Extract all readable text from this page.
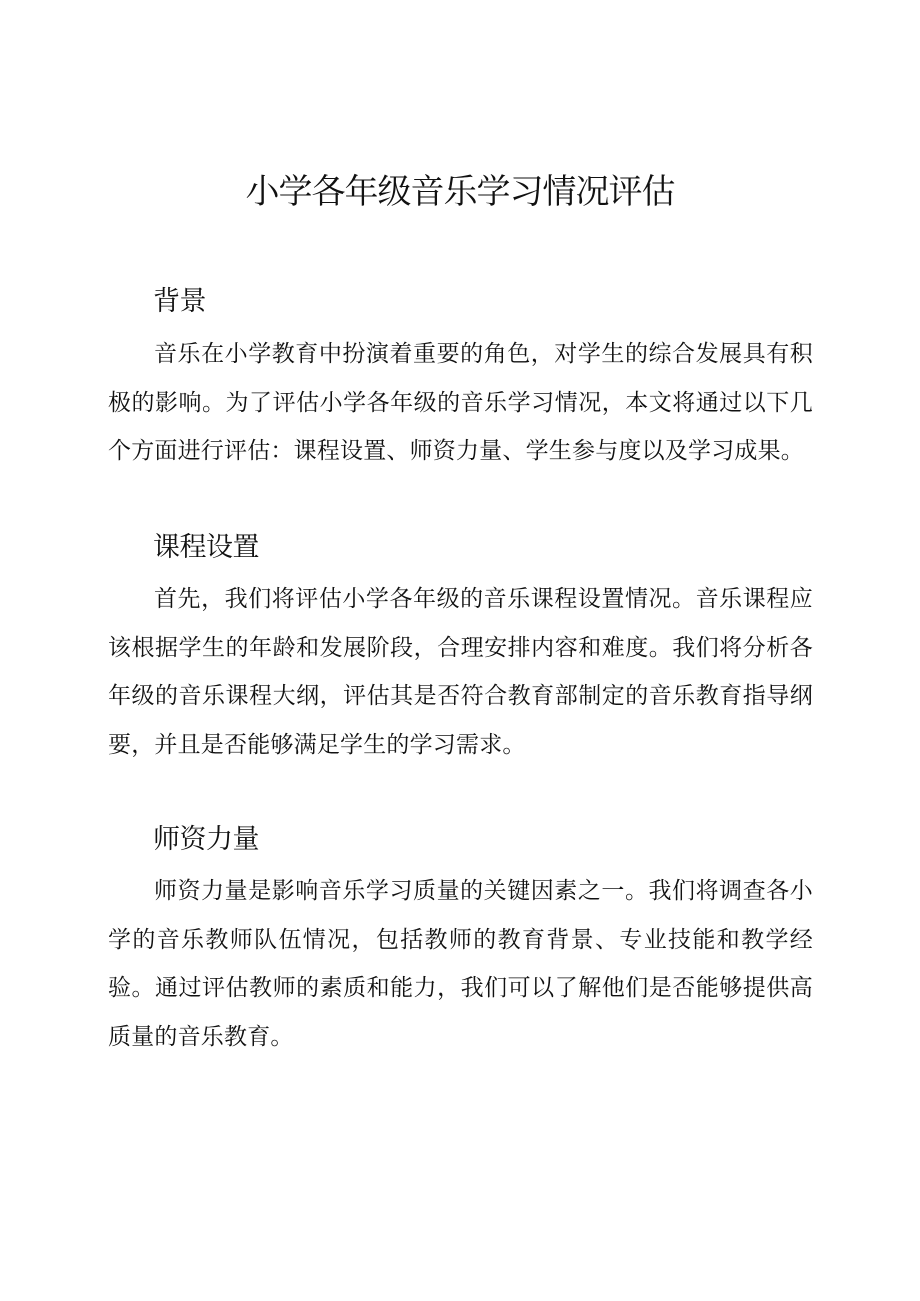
小学各年级音乐学习情况评估
背景

音乐在小学教育中扮演着重要的角色，对学生的综合发展具有积极的影响。为了评估小学各年级的音乐学习情况，本文将通过以下几个方面进行评估：课程设置、师资力量、学生参与度以及学习成果。

课程设置

首先，我们将评估小学各年级的音乐课程设置情况。音乐课程应该根据学生的年龄和发展阶段，合理安排内容和难度。我们将分析各年级的音乐课程大纲，评估其是否符合教育部制定的音乐教育指导纲要，并且是否能够满足学生的学习需求。

师资力量

师资力量是影响音乐学习质量的关键因素之一。我们将调查各小学的音乐教师队伍情况，包括教师的教育背景、专业技能和教学经验。通过评估教师的素质和能力，我们可以了解他们是否能够提供高质量的音乐教育。
